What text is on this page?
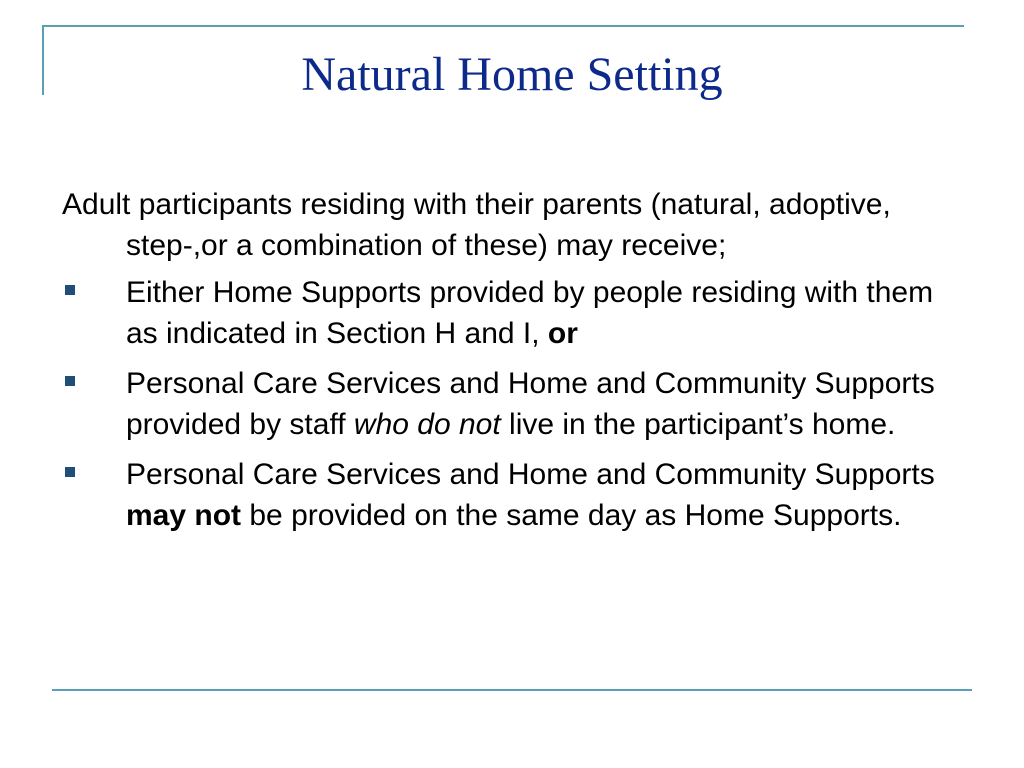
Natural Home Setting

Adult participants residing with their parents (natural, adoptive, step-,or a combination of these) may receive;

Either Home Supports provided by people residing with them as indicated in Section H and I, or
Personal Care Services and Home and Community Supports provided by staff who do not live in the participant’s home.
Personal Care Services and Home and Community Supports may not be provided on the same day as Home Supports.
